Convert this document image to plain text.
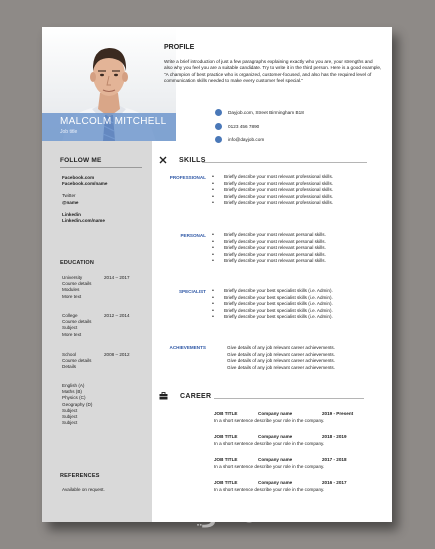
MALCOLM MITCHELL
Job title
PROFILE
Write a brief introduction of just a few paragraphs explaining exactly who you are, your strengths and also why you feel you are a suitable candidate. Try to write it in the third person. Here is a good example, "A champion of best practice who is organized, customer-focused, and also has the required level of communication skills needed to make every customer feel special."
Dayjob.com, Street Birmingham B18
0123 456 7890
info@dayjob.com
FOLLOW ME
Facebook.com
Facebook.com/name
Twitter
@name
Linkedin
Linkedin.com/name
EDUCATION
University	2014 – 2017
Course details
Modules
More text
College	2012 – 2014
Course details
Subject
More text
School	2008 – 2012
Course details
Details
English (A)
Maths (B)
Physics (C)
Geography (D)
Subject
Subject
Subject
REFERENCES
Available on request.
SKILLS
PROFESSIONAL	• Briefly describe your most relevant professional skills.
• Briefly describe your most relevant professional skills.
• Briefly describe your most relevant professional skills.
• Briefly describe your most relevant professional skills.
• Briefly describe your most relevant professional skills.
PERSONAL	• Briefly describe your most relevant personal skills.
• Briefly describe your most relevant personal skills.
• Briefly describe your most relevant personal skills.
• Briefly describe your most relevant personal skills.
• Briefly describe your most relevant personal skills.
SPECIALIST	• Briefly describe your best specialist skills (i.e. Admin).
• Briefly describe your best specialist skills (i.e. Admin).
• Briefly describe your best specialist skills (i.e. Admin).
• Briefly describe your best specialist skills (i.e. Admin).
• Briefly describe your best specialist skills (i.e. Admin).
ACHIEVEMENTS	Give details of any job relevant career achievements.
Give details of any job relevant career achievements.
Give details of any job relevant career achievements.
Give details of any job relevant career achievements.
CAREER
JOB TITLE	Company name	2019 - Present
In a short sentence describe your role in the company.
JOB TITLE	Company name	2018 - 2019
In a short sentence describe your role in the company.
JOB TITLE	Company name	2017 - 2018
In a short sentence describe your role in the company.
JOB TITLE	Company name	2016 - 2017
In a short sentence describe your role in the company.
محتويات
